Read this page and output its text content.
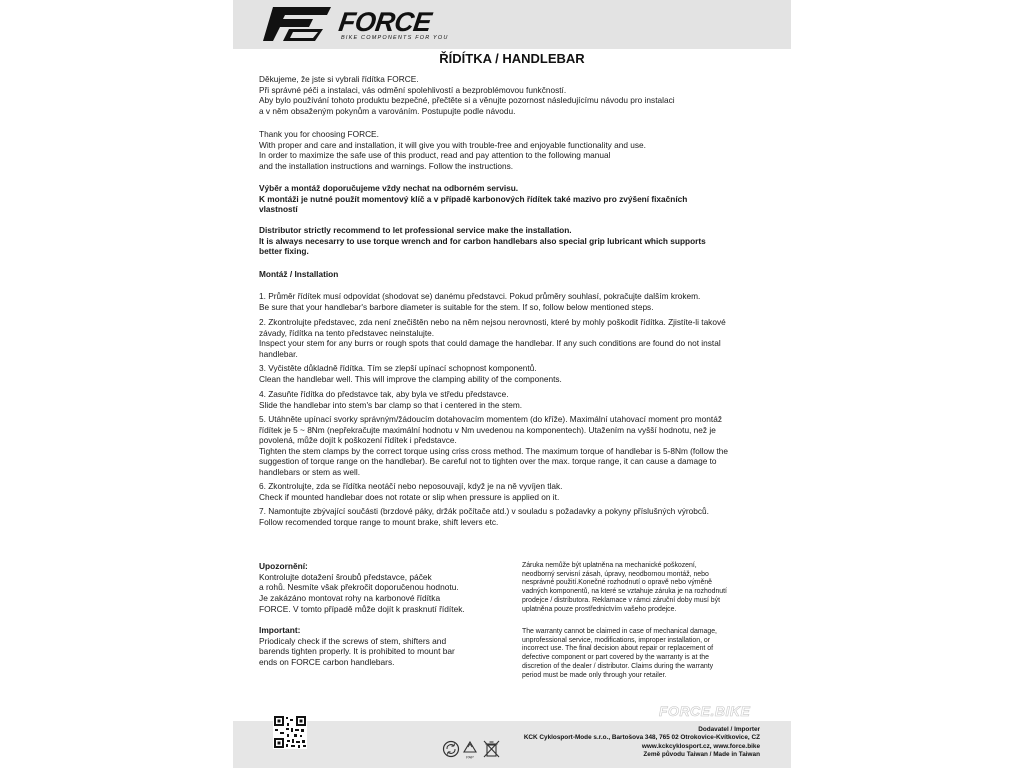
FORCE
BIKE COMPONENTS FOR YOU
ŘÍDÍTKA / HANDLEBAR

Děkujeme, že jste si vybrali řídítka FORCE.

Při správné péči a instalaci, vás odmění spolehlivostí a bezproblémovou funkčností.

Aby bylo používání tohoto produktu bezpečné, přečtěte si a věnujte pozornost následujícímu návodu pro instalaci

a v něm obsaženým pokynům a varováním. Postupujte podle návodu.

Thank you for choosing FORCE.

With proper and care and installation, it will give you with trouble-free and enjoyable functionality and use.

In order to maximize the safe use of this product, read and pay attention to the following manual

and the installation instructions and warnings. Follow the instructions.

Výběr a montáž doporučujeme vždy nechat na odborném servisu.

K montáži je nutné použít momentový klíč a v případě karbonových řídítek také mazivo pro zvýšení fixačních

vlastností

Distributor strictly recommend to let professional service make the installation.

It is always necesarry to use torque wrench and for carbon handlebars also special grip lubricant which supports

better fixing.

Montáž / Installation

1. Průměr řídítek musí odpovídat (shodovat se) danému představci. Pokud průměry souhlasí, pokračujte dalším krokem.

Be sure that your handlebar's barbore diameter is suitable for the stem. If so, follow below mentioned steps.

2. Zkontrolujte představec, zda není znečištěn nebo na něm nejsou nerovnosti, které by mohly poškodit řídítka. Zjistíte-li takové

závady, řídítka na tento představec neinstalujte.

Inspect your stem for any burrs or rough spots that could damage the handlebar. If any such conditions are found do not instal

handlebar.

3. Vyčistěte důkladně řídítka. Tím se zlepší upínací schopnost komponentů.

Clean the handlebar well. This will improve the clamping ability of the components.

4. Zasuňte řídítka do představce tak, aby byla ve středu představce.

Slide the handlebar into stem's bar clamp so that i centered in the stem.

5. Utáhněte upínací svorky správným/žádoucím dotahovacím momentem (do kříže). Maximální utahovací moment pro montáž

řídítek je 5 ~ 8Nm (nepřekračujte maximální hodnotu v Nm uvedenou na komponentech). Utažením na vyšší hodnotu, než je

povolená, může dojít k poškození řídítek i představce.

Tighten the stem clamps by the correct torque using criss cross method. The maximum torque of handlebar is 5-8Nm (follow the

suggestion of torque range on the handlebar). Be careful not to tighten over the max. torque range, it can cause a damage to

handlebars or stem as well.

6. Zkontrolujte, zda se řídítka neotáčí nebo neposouvají, když je na ně vyvíjen tlak.

Check if mounted handlebar does not rotate or slip when pressure is applied on it.

7. Namontujte zbývající součásti (brzdové páky, držák počítače atd.) v souladu s požadavky a pokyny příslušných výrobců.

Follow recomended torque range to mount brake, shift levers etc.

Upozornění:
Kontrolujte dotažení šroubů představce, páček
a rohů. Nesmíte však překročit doporučenou hodnotu.
Je zakázáno montovat rohy na karbonové řídítka
FORCE. V tomto případě může dojít k prasknutí řídítek.
Important:
Priodicaly check if the screws of stem, shifters and
barends tighten properly. It is prohibited to mount bar
ends on FORCE carbon handlebars.

Záruka nemůže být uplatněna na mechanické poškození,

neodborný servisní zásah, úpravy, neodbornou montáž, nebo

nesprávné použití.Konečné rozhodnutí o opravě nebo výměně

vadných komponentů, na které se vztahuje záruka je na rozhodnutí

prodejce / distributora. Reklamace v rámci záruční doby musí být

uplatněna pouze prostřednictvím vašeho prodejce.

The warranty cannot be claimed in case of mechanical damage,

unprofessional service, modifications, improper installation, or

incorrect use. The final decision about repair or replacement of

defective component or part covered by the warranty is at the

discretion of the dealer / distributor. Claims during the warranty

period must be made only through your retailer.

FORCE.BIKE
PAP
Dodavatel / Importer
KCK Cyklosport-Mode s.r.o., Bartošova 348, 765 02 Otrokovice-Kvítkovice, CZ
www.kckcyklosport.cz, www.force.bike
Země původu Taiwan / Made in Taiwan
